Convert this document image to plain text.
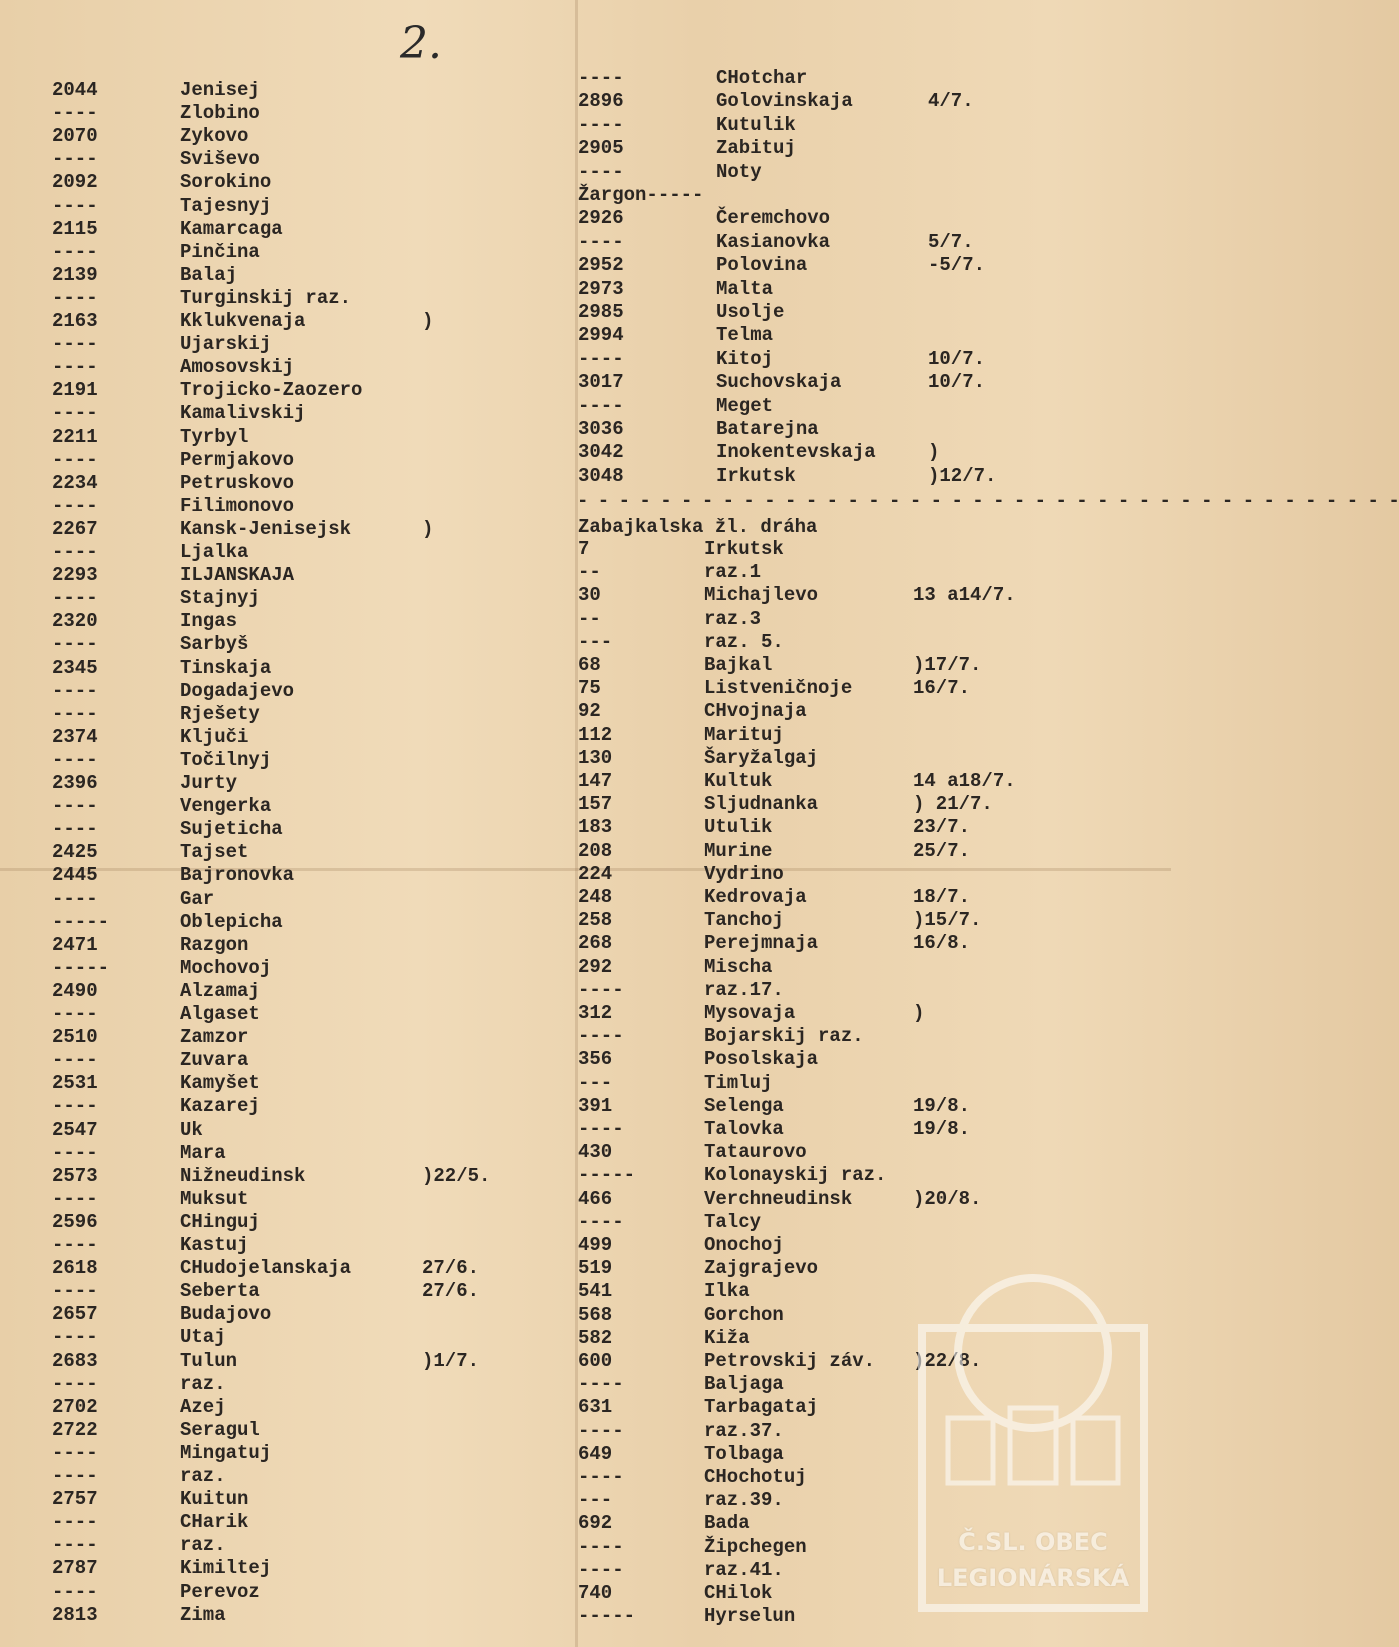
2.
2044	Jenisej
----	Zlobino
2070	Zykovo
----	Sviševo
2092	Sorokino
----	Tajesnyj
2115	Kamarcaga
----	Pinčina
2139	Balaj
----	Turginskij raz.
2163	Kklukvenaja	)
----	Ujarskij
----	Amosovskij
2191	Trojicko-Zaozero
----	Kamalivskij
2211	Tyrbyl
----	Permjakovo
2234	Petruskovo
----	Filimonovo
2267	Kansk-Jenisejsk	)
----	Ljalka
2293	ILJANSKAJA
----	Stajnyj
2320	Ingas
----	Sarbyš
2345	Tinskaja
----	Dogadajevo
----	Rješety
2374	Ključi
----	Točilnyj
2396	Jurty
----	Vengerka
----	Sujeticha
2425	Tajset
2445	Bajronovka
----	Gar
-----	Oblepicha
2471	Razgon
-----	Mochovoj
2490	Alzamaj
----	Algaset
2510	Zamzor
----	Zuvara
2531	Kamyšet
----	Kazarej
2547	Uk
----	Mara
2573	Nižneudinsk	)22/5.
----	Muksut
2596	CHinguj
----	Kastuj
2618	CHudojelanskaja	27/6.
----	Seberta	27/6.
2657	Budajovo
----	Utaj
2683	Tulun	)1/7.
----	raz.
2702	Azej
2722	Seragul
----	Mingatuj
----	raz.
2757	Kuitun
----	CHarik
----	raz.
2787	Kimiltej
----	Perevoz
2813	Zima
----	CHotchar
2896	Golovinskaja	4/7.
----	Kutulik
2905	Zabituj
----	Noty
Žargon-----
2926	Čeremchovo
----	Kasianovka	5/7.
2952	Polovina	-5/7.
2973	Malta
2985	Usolje
2994	Telma
----	Kitoj	10/7.
3017	Suchovskaja	10/7.
----	Meget
3036	Batarejna
3042	Inokentevskaja	)
3048	Irkutsk	)12/7.
- - - - - - - - - - - - - - - - - - - - - - - - - - - - - - - - - - - - - - - -
Zabajkalska žl. dráha
7	Irkutsk
--	raz.1
30	Michajlevo	13 a14/7.
--	raz.3
---	raz. 5.
68	Bajkal	)17/7.
75	Listveničnoje	16/7.
92	CHvojnaja
112	Marituj
130	Šaryžalgaj
147	Kultuk	14 a18/7.
157	Sljudnanka	) 21/7.
183	Utulik	23/7.
208	Murine	25/7.
224	Vydrino
248	Kedrovaja	18/7.
258	Tanchoj	)15/7.
268	Perejmnaja	16/8.
292	Mischa
----	raz.17.
312	Mysovaja	)
----	Bojarskij raz.
356	Posolskaja
---	Timluj
391	Selenga	19/8.
----	Talovka	19/8.
430	Tataurovo
-----	Kolonayskij raz.
466	Verchneudinsk	)20/8.
----	Talcy
499	Onochoj
519	Zajgrajevo
541	Ilka
568	Gorchon
582	Kiža
600	Petrovskij záv. )22/8.
----	Baljaga
631	Tarbagataj
----	raz.37.
649	Tolbaga
----	CHochotuj
---	raz.39.
692	Bada
----	Žipchegen
----	raz.41.
740	CHilok
-----	Hyrselun
Č.SL. OBEC
LEGIONÁRSKÁ
